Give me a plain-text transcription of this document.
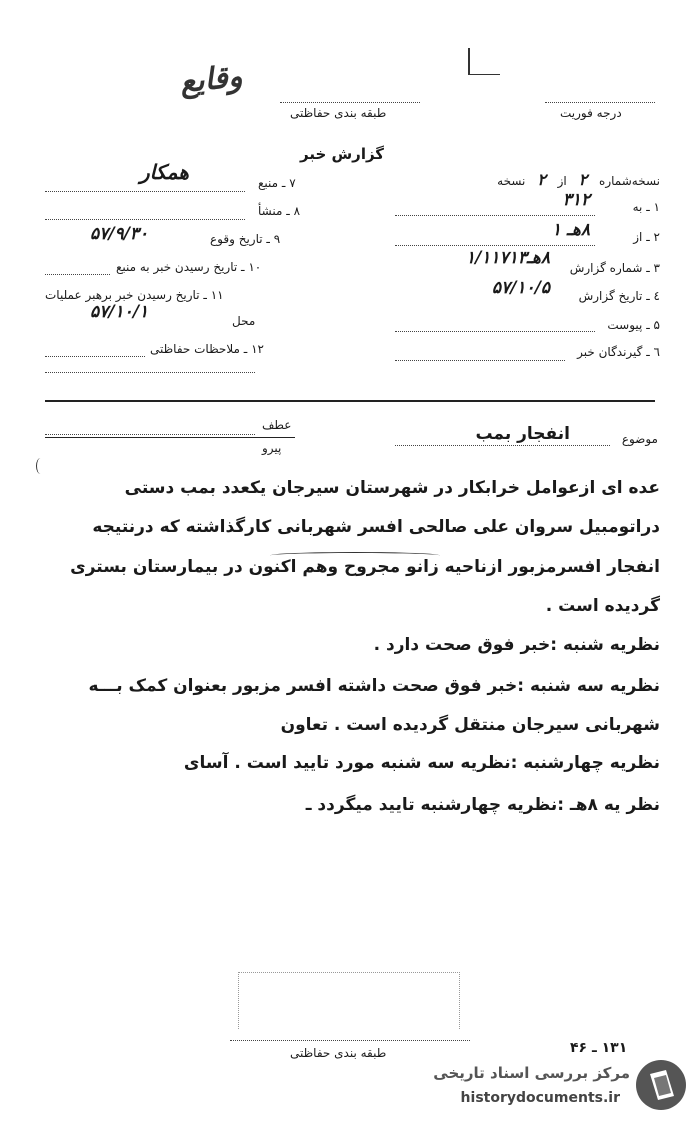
وقايع
طبقه بندی حفاظتی	درجه فوریت
گزارش خبر
نسخه‌شماره ۲ از ۲ نسخه
۱ ـ به
۳۱۲
۲ ـ از
۸هـ ۱
۳ ـ شماره گزارش
۸هـ۱/۱۱۷۱۳
٤ ـ تاریخ گزارش
۵۷/۱۰/۵
۵ ـ پیوست
٦ ـ گیرندگان خبر
۷ ـ منبع
همکار
۸ ـ منشأ
۹ ـ تاریخ وقوع
۵۷/۹/۳۰
۱۰ ـ تاریخ رسیدن خبر به منبع
۱۱ ـ تاریخ رسیدن خبر برهبر عملیات
محل
۵۷/۱۰/۱
۱۲ ـ ملاحظات حفاظتی
عطف
پیرو
موضوع
انفجار بمب
عده ای ازعوامل خرابکار در شهرستان سیرجان یکعدد بمب دستی
دراتومبیل سروان علی صالحی افسر شهربانی کارگذاشته که درنتیجه
انفجار افسرمزبور ازناحیه زانو مجروح وهم اکنون در بیمارستان بستری
گردیده است .
نظریه شنبه :خبر فوق صحت دارد .
نظریه سه شنبه :خبر فوق صحت داشته افسر مزبور بعنوان کمک بـــه
شهربانی سیرجان منتقل گردیده است . تعاون
نظریه چهارشنبه :نظریه سه شنبه مورد تایید است . آسای
نظر یه ۸هـ :نظریه چهارشنبه تایید میگردد ـ
طبقه بندی حفاظتی	۱۳۱ ـ ۴۶
مرکز بررسی اسناد تاریخی
historydocuments.ir
